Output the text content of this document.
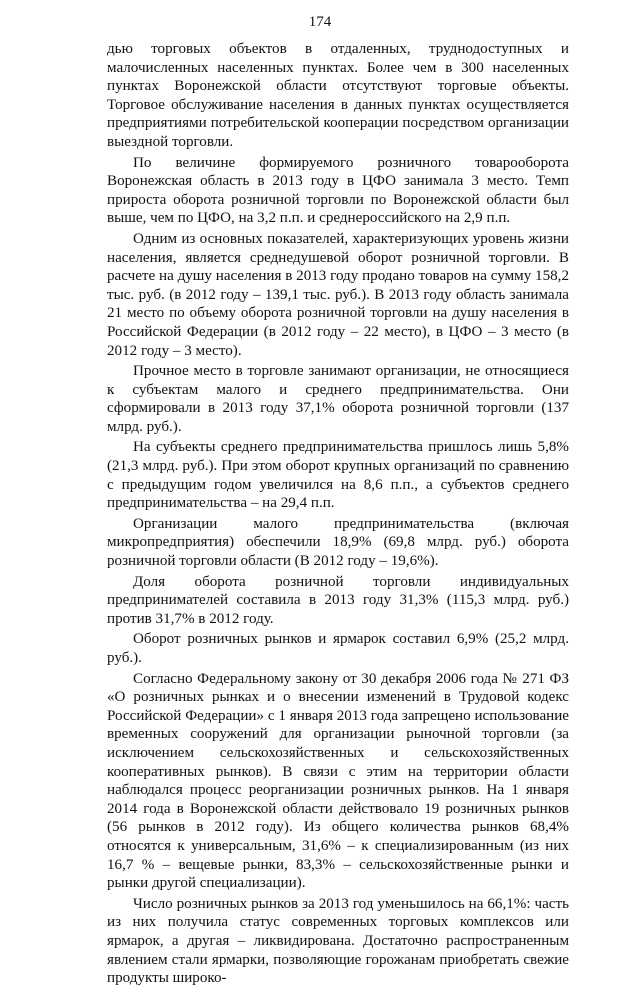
174

дью торговых объектов в отдаленных, труднодоступных и малочисленных населенных пунктах. Более чем в 300 населенных пунктах Воронежской области отсутствуют торговые объекты. Торговое обслуживание населения в данных пунктах осуществляется предприятиями потребительской кооперации посредством организации выездной торговли.

По величине формируемого розничного товарооборота Воронежская область в 2013 году в ЦФО занимала 3 место. Темп прироста оборота розничной торговли по Воронежской области был выше, чем по ЦФО, на 3,2 п.п. и среднероссийского на 2,9 п.п.

Одним из основных показателей, характеризующих уровень жизни населения, является среднедушевой оборот розничной торговли. В расчете на душу населения в 2013 году продано товаров на сумму 158,2 тыс. руб. (в 2012 году – 139,1 тыс. руб.). В 2013 году область занимала 21 место по объему оборота розничной торговли на душу населения в Российской Федерации (в 2012 году – 22 место), в ЦФО – 3 место (в 2012 году – 3 место).

Прочное место в торговле занимают организации, не относящиеся к субъектам малого и среднего предпринимательства. Они сформировали в 2013 году 37,1% оборота розничной торговли (137 млрд. руб.).

На субъекты среднего предпринимательства пришлось лишь 5,8% (21,3 млрд. руб.). При этом оборот крупных организаций по сравнению с предыдущим годом увеличился на 8,6 п.п., а субъектов среднего предпринимательства – на 29,4 п.п.

Организации малого предпринимательства (включая микропредприятия) обеспечили 18,9% (69,8 млрд. руб.) оборота розничной торговли области (В 2012 году – 19,6%).

Доля оборота розничной торговли индивидуальных предпринимателей составила в 2013 году 31,3% (115,3 млрд. руб.) против 31,7% в 2012 году.

Оборот розничных рынков и ярмарок составил 6,9% (25,2 млрд. руб.).

Согласно Федеральному закону от 30 декабря 2006 года № 271 ФЗ «О розничных рынках и о внесении изменений в Трудовой кодекс Российской Федерации» с 1 января 2013 года запрещено использование временных сооружений для организации рыночной торговли (за исключением сельскохозяйственных и сельскохозяйственных кооперативных рынков). В связи с этим на территории области наблюдался процесс реорганизации розничных рынков. На 1 января 2014 года в Воронежской области действовало 19 розничных рынков (56 рынков в 2012 году). Из общего количества рынков 68,4% относятся к универсальным, 31,6% – к специализированным (из них 16,7 % – вещевые рынки, 83,3% – сельскохозяйственные рынки и рынки другой специализации).

Число розничных рынков за 2013 год уменьшилось на 66,1%: часть из них получила статус современных торговых комплексов или ярмарок, а другая – ликвидирована. Достаточно распространенным явлением стали ярмарки, позволяющие горожанам приобретать свежие продукты широко-
